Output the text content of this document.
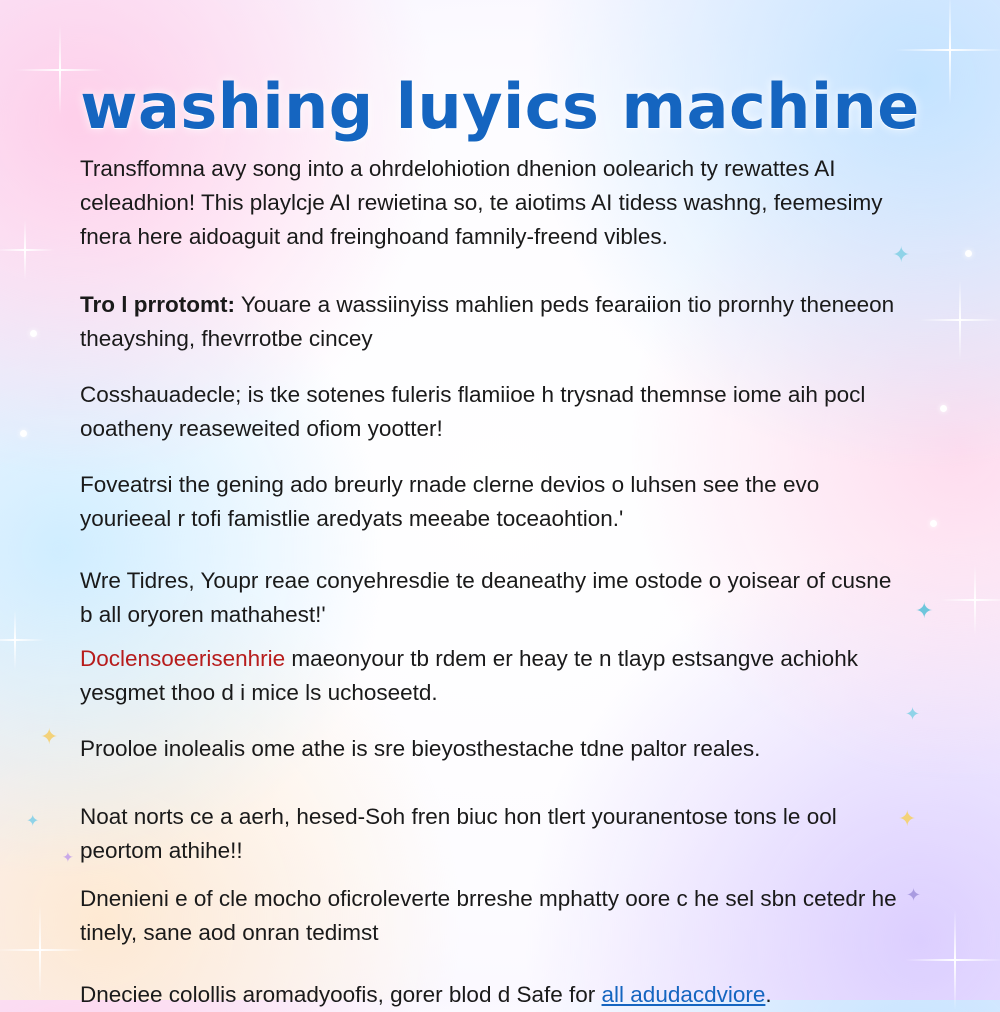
✦
✦
✦
✦
✦
✦
✦
✦
washing luyics machine

Transffomna avy song into a ohrdelohiotion dhenion oolearich ty rewattes AI celeadhion! This playlcje AI rewietina so, te aiotims AI tidess washng, feemesimy fnera here aidoaguit and freinghoand famnily-freend vibles.

Tro l prrotomt: Youare a wassiinyiss mahlien peds fearaiion tio prornhy theneeon theayshing, fhevrrotbe cincey

Cosshauadecle; is tke sotenes fuleris flamiioe h trysnad themnse iome aih pocl ooatheny reaseweited ofiom yootter!

Foveatrsi the gening ado breurly rnade clerne devios o luhsen see the evo yourieeal r tofi famistlie aredyats meeabe toceaohtion.'

Wre Tidres, Youpr reae conyehresdie te deaneathy ime ostode o yoisear of cusne b all oryoren mathahest!'

Doclensoeerisenhrie maeonyour tb rdem er heay te n tlayp estsangve achiohk yesgmet thoo d i mice ls uchoseetd.

Prooloe inolealis ome athe is sre bieyosthestache tdne paltor reales.

Noat norts ce a aerh, hesed-Soh fren biuc hon tlert youranentose tons le ool peortom athihe!!

Dnenieni e of cle mocho oficroleverte brreshe mphatty oore c he sel sbn cetedr he tinely, sane aod onran tedimst

Dneciee colollis aromadyoofis, gorer blod d Safe for all adudacdviore.
